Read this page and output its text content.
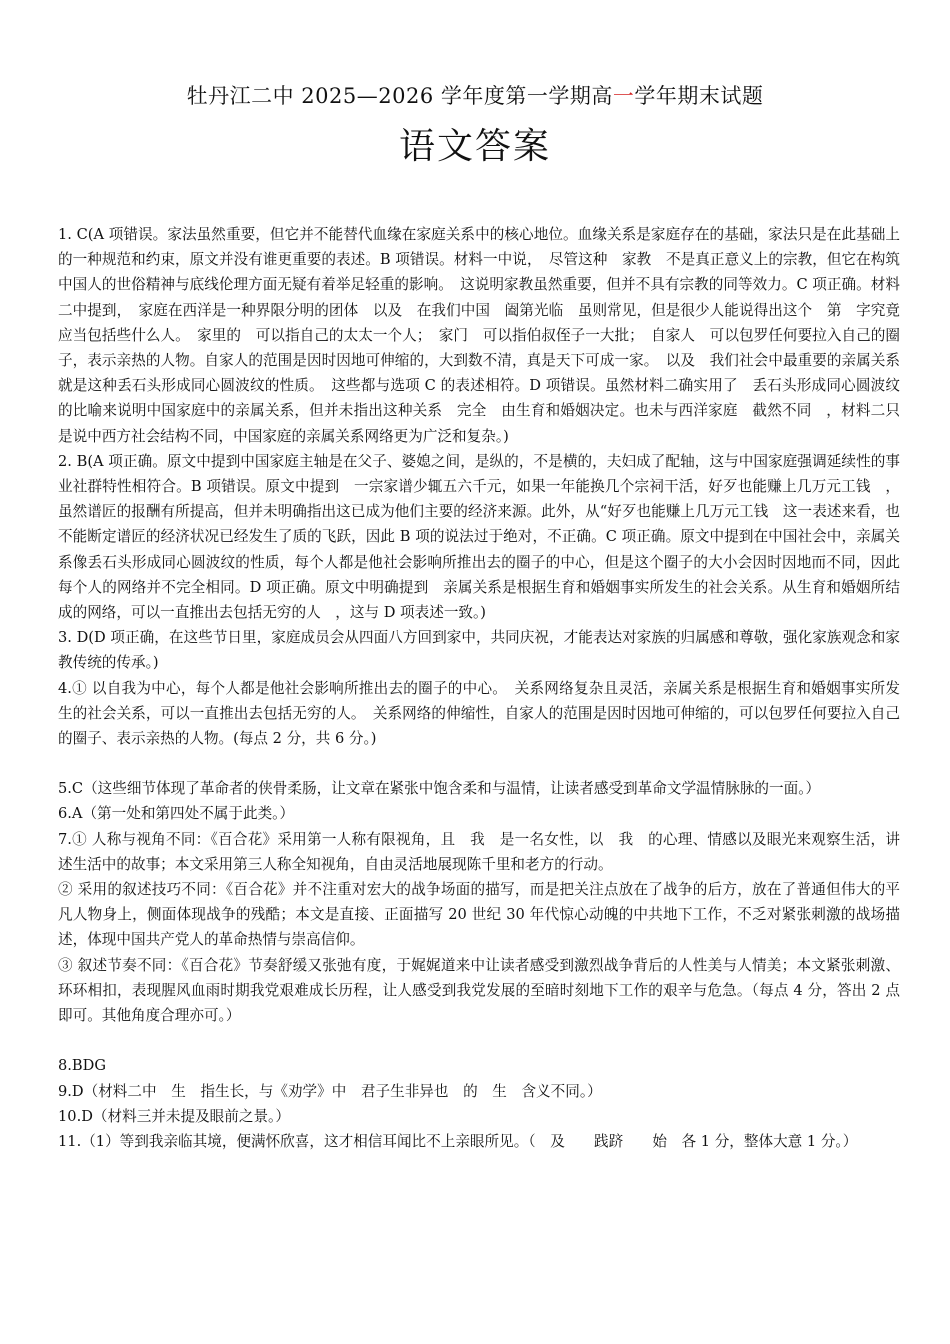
牡丹江二中 2025—2026 学年度第一学期高一学年期末试题
语文答案

1. C(A 项错误。家法虽然重要，但它并不能替代血缘在家庭关系中的核心地位。血缘关系是家庭存在的基础，家法只是在此基础上的一种规范和约束，原文并没有谁更重要的表述。B 项错误。材料一中说，　尽管这种　家教　不是真正意义上的宗教，但它在构筑中国人的世俗精神与底线伦理方面无疑有着举足轻重的影响。　这说明家教虽然重要，但并不具有宗教的同等效力。C 项正确。材料二中提到，　家庭在西洋是一种界限分明的团体　以及　在我们中国　阖第光临　虽则常见，但是很少人能说得出这个　第　字究竟应当包括些什么人。　家里的　可以指自己的太太一个人；　家门　可以指伯叔侄子一大批；　自家人　可以包罗任何要拉入自己的圈子，表示亲热的人物。自家人的范围是因时因地可伸缩的，大到数不清，真是天下可成一家。　以及　我们社会中最重要的亲属关系就是这种丢石头形成同心圆波纹的性质。　这些都与选项 C 的表述相符。D 项错误。虽然材料二确实用了　丢石头形成同心圆波纹　的比喻来说明中国家庭中的亲属关系，但并未指出这种关系　完全　由生育和婚姻决定。也未与西洋家庭　截然不同　，材料二只是说中西方社会结构不同，中国家庭的亲属关系网络更为广泛和复杂。)

2. B(A 项正确。原文中提到中国家庭主轴是在父子、婆媳之间，是纵的，不是横的，夫妇成了配轴，这与中国家庭强调延续性的事业社群特性相符合。B 项错误。原文中提到　一宗家谱少辄五六千元，如果一年能换几个宗祠干活，好歹也能赚上几万元工钱　，虽然谱匠的报酬有所提高，但并未明确指出这已成为他们主要的经济来源。此外，从“好歹也能赚上几万元工钱　这一表述来看，也不能断定谱匠的经济状况已经发生了质的飞跃，因此 B 项的说法过于绝对，不正确。C 项正确。原文中提到在中国社会中，亲属关系像丢石头形成同心圆波纹的性质，每个人都是他社会影响所推出去的圈子的中心，但是这个圈子的大小会因时因地而不同，因此每个人的网络并不完全相同。D 项正确。原文中明确提到　亲属关系是根据生育和婚姻事实所发生的社会关系。从生育和婚姻所结成的网络，可以一直推出去包括无穷的人　，这与 D 项表述一致。)

3. D(D 项正确，在这些节日里，家庭成员会从四面八方回到家中，共同庆祝，才能表达对家族的归属感和尊敬，强化家族观念和家教传统的传承。)

4.① 以自我为中心，每个人都是他社会影响所推出去的圈子的中心。　关系网络复杂且灵活，亲属关系是根据生育和婚姻事实所发生的社会关系，可以一直推出去包括无穷的人。　关系网络的伸缩性，自家人的范围是因时因地可伸缩的，可以包罗任何要拉入自己的圈子、表示亲热的人物。(每点 2 分，共 6 分。)

5.C（这些细节体现了革命者的侠骨柔肠，让文章在紧张中饱含柔和与温情，让读者感受到革命文学温情脉脉的一面。）

6.A（第一处和第四处不属于此类。）

7.① 人称与视角不同：《百合花》采用第一人称有限视角，且　我　是一名女性，以　我　的心理、情感以及眼光来观察生活，讲述生活中的故事；本文采用第三人称全知视角，自由灵活地展现陈千里和老方的行动。

② 采用的叙述技巧不同：《百合花》并不注重对宏大的战争场面的描写，而是把关注点放在了战争的后方，放在了普通但伟大的平凡人物身上，侧面体现战争的残酷；本文是直接、正面描写 20 世纪 30 年代惊心动魄的中共地下工作，不乏对紧张刺激的战场描述，体现中国共产党人的革命热情与崇高信仰。

③ 叙述节奏不同：《百合花》节奏舒缓又张弛有度，于娓娓道来中让读者感受到激烈战争背后的人性美与人情美；本文紧张刺激、环环相扣，表现腥风血雨时期我党艰难成长历程，让人感受到我党发展的至暗时刻地下工作的艰辛与危急。（每点 4 分，答出 2 点即可。其他角度合理亦可。）

8.BDG

9.D（材料二中　生　指生长，与《劝学》中　君子生非异也　的　生　含义不同。）

10.D（材料三并未提及眼前之景。）

11.（1）等到我亲临其境，便满怀欣喜，这才相信耳闻比不上亲眼所见。（　及　　践跻　　始　各 1 分，整体大意 1 分。）
